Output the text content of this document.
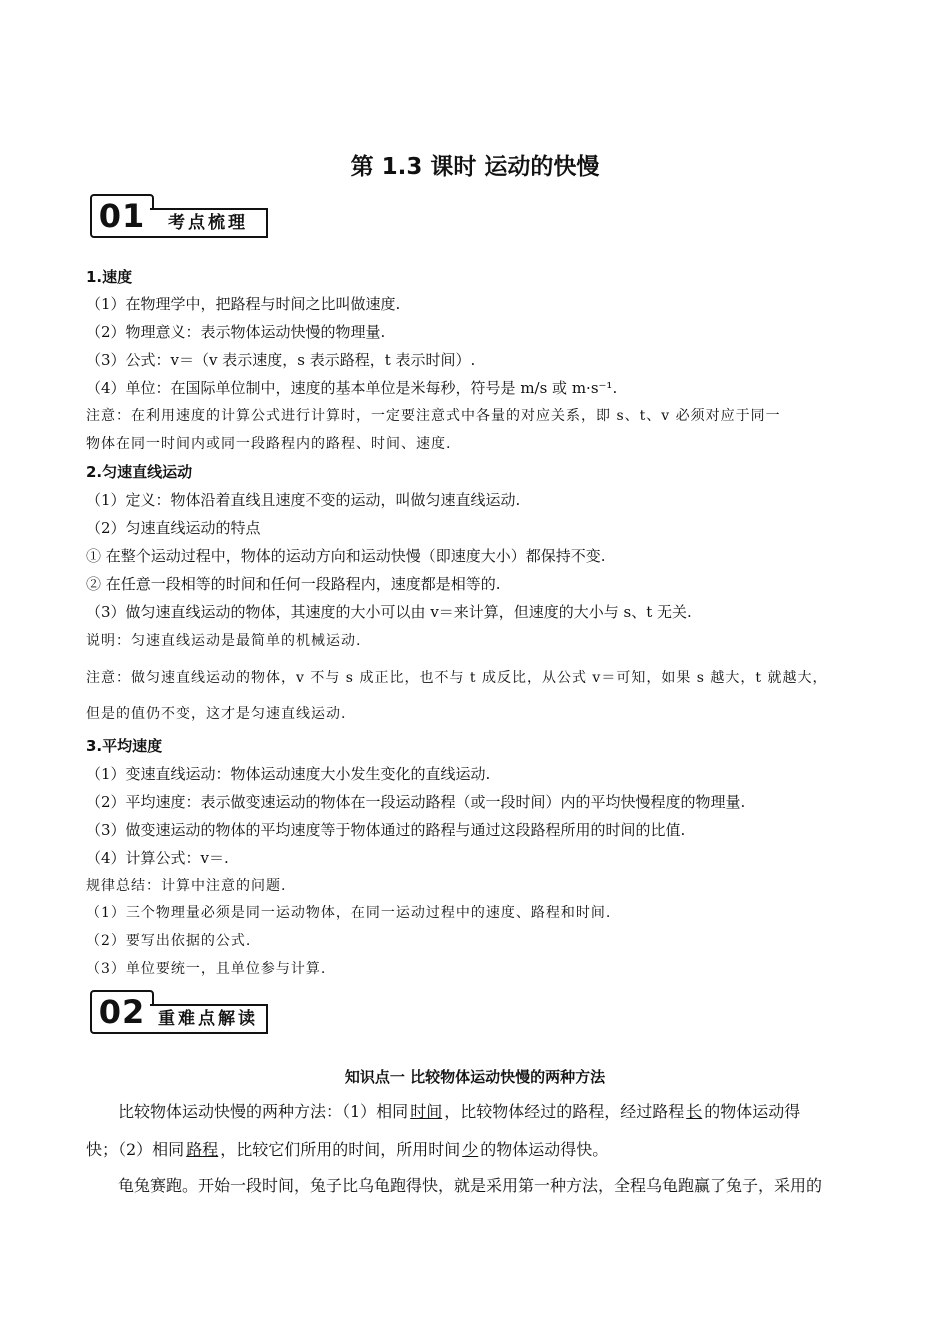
第 1.3 课时 运动的快慢
01	考点梳理
1.速度
（1）在物理学中，把路程与时间之比叫做速度.
（2）物理意义：表示物体运动快慢的物理量.
（3）公式：v＝（v 表示速度，s 表示路程，t 表示时间）.
（4）单位：在国际单位制中，速度的基本单位是米每秒，符号是 m/s 或 m·s⁻¹.
注意：在利用速度的计算公式进行计算时，一定要注意式中各量的对应关系，即 s、t、v 必须对应于同一
物体在同一时间内或同一段路程内的路程、时间、速度.
2.匀速直线运动
（1）定义：物体沿着直线且速度不变的运动，叫做匀速直线运动.
（2）匀速直线运动的特点
① 在整个运动过程中，物体的运动方向和运动快慢（即速度大小）都保持不变.
② 在任意一段相等的时间和任何一段路程内，速度都是相等的.
（3）做匀速直线运动的物体，其速度的大小可以由 v＝来计算，但速度的大小与 s、t 无关.
说明：匀速直线运动是最简单的机械运动.
注意：做匀速直线运动的物体，v 不与 s 成正比，也不与 t 成反比，从公式 v＝可知，如果 s 越大，t 就越大，
但是的值仍不变，这才是匀速直线运动.
3.平均速度
（1）变速直线运动：物体运动速度大小发生变化的直线运动.
（2）平均速度：表示做变速运动的物体在一段运动路程（或一段时间）内的平均快慢程度的物理量.
（3）做变速运动的物体的平均速度等于物体通过的路程与通过这段路程所用的时间的比值.
（4）计算公式：v＝.
规律总结：计算中注意的问题.
（1）三个物理量必须是同一运动物体，在同一运动过程中的速度、路程和时间.
（2）要写出依据的公式.
（3）单位要统一，且单位参与计算.
02 重难点解读
知识点一 比较物体运动快慢的两种方法
比较物体运动快慢的两种方法：（1）相同 时间 ，比较物体经过的路程，经过路程 长 的物体运动得
快；（2）相同 路程 ，比较它们所用的时间，所用时间 少 的物体运动得快。
龟兔赛跑。开始一段时间，兔子比乌龟跑得快，就是采用第一种方法，全程乌龟跑赢了兔子，采用的
